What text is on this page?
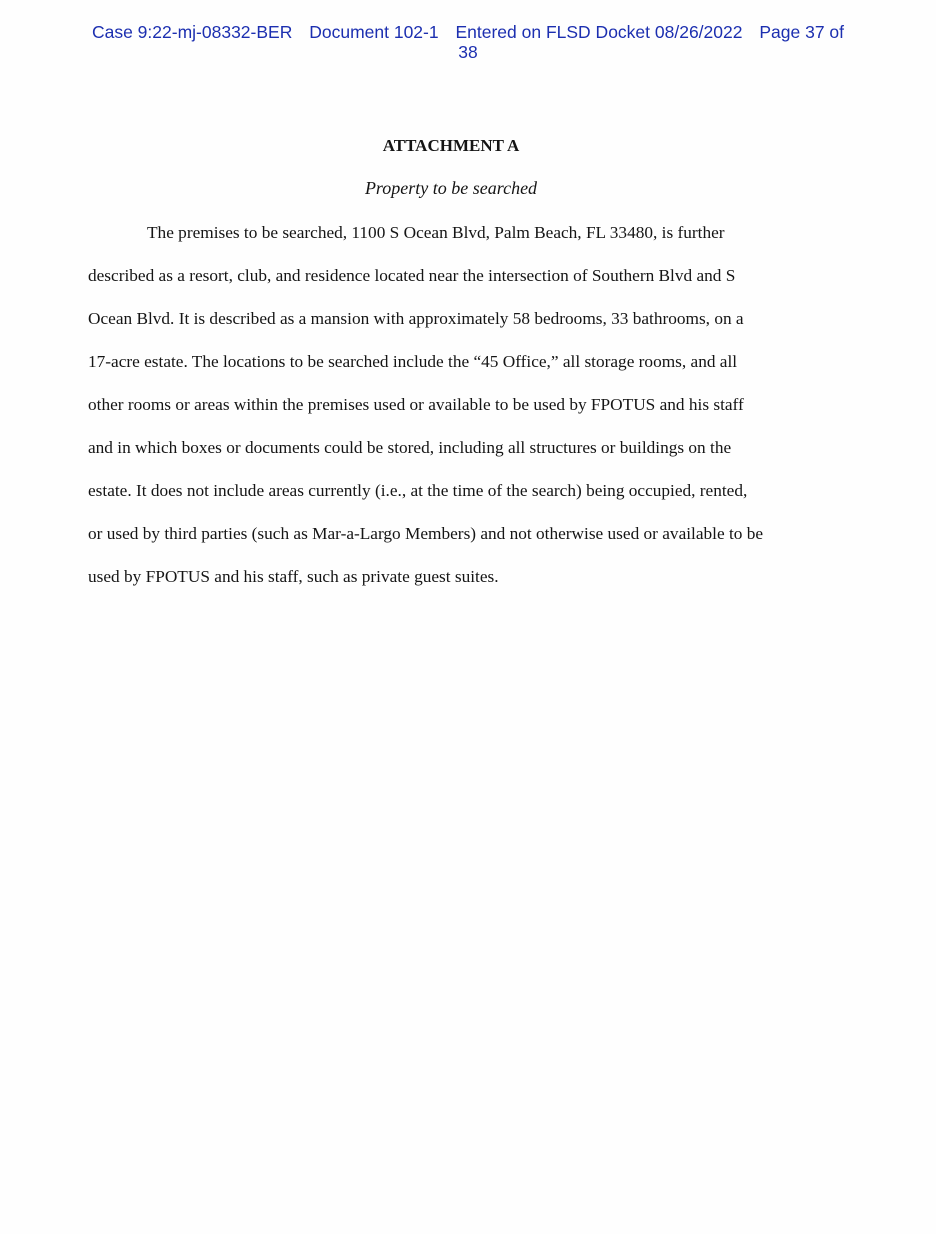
Case 9:22-mj-08332-BER Document 102-1 Entered on FLSD Docket 08/26/2022 Page 37 of
38
ATTACHMENT A
Property to be searched
The premises to be searched, 1100 S Ocean Blvd, Palm Beach, FL 33480, is further
described as a resort, club, and residence located near the intersection of Southern Blvd and S
Ocean Blvd. It is described as a mansion with approximately 58 bedrooms, 33 bathrooms, on a
17-acre estate. The locations to be searched include the “45 Office,” all storage rooms, and all
other rooms or areas within the premises used or available to be used by FPOTUS and his staff
and in which boxes or documents could be stored, including all structures or buildings on the
estate. It does not include areas currently (i.e., at the time of the search) being occupied, rented,
or used by third parties (such as Mar-a-Largo Members) and not otherwise used or available to be
used by FPOTUS and his staff, such as private guest suites.
